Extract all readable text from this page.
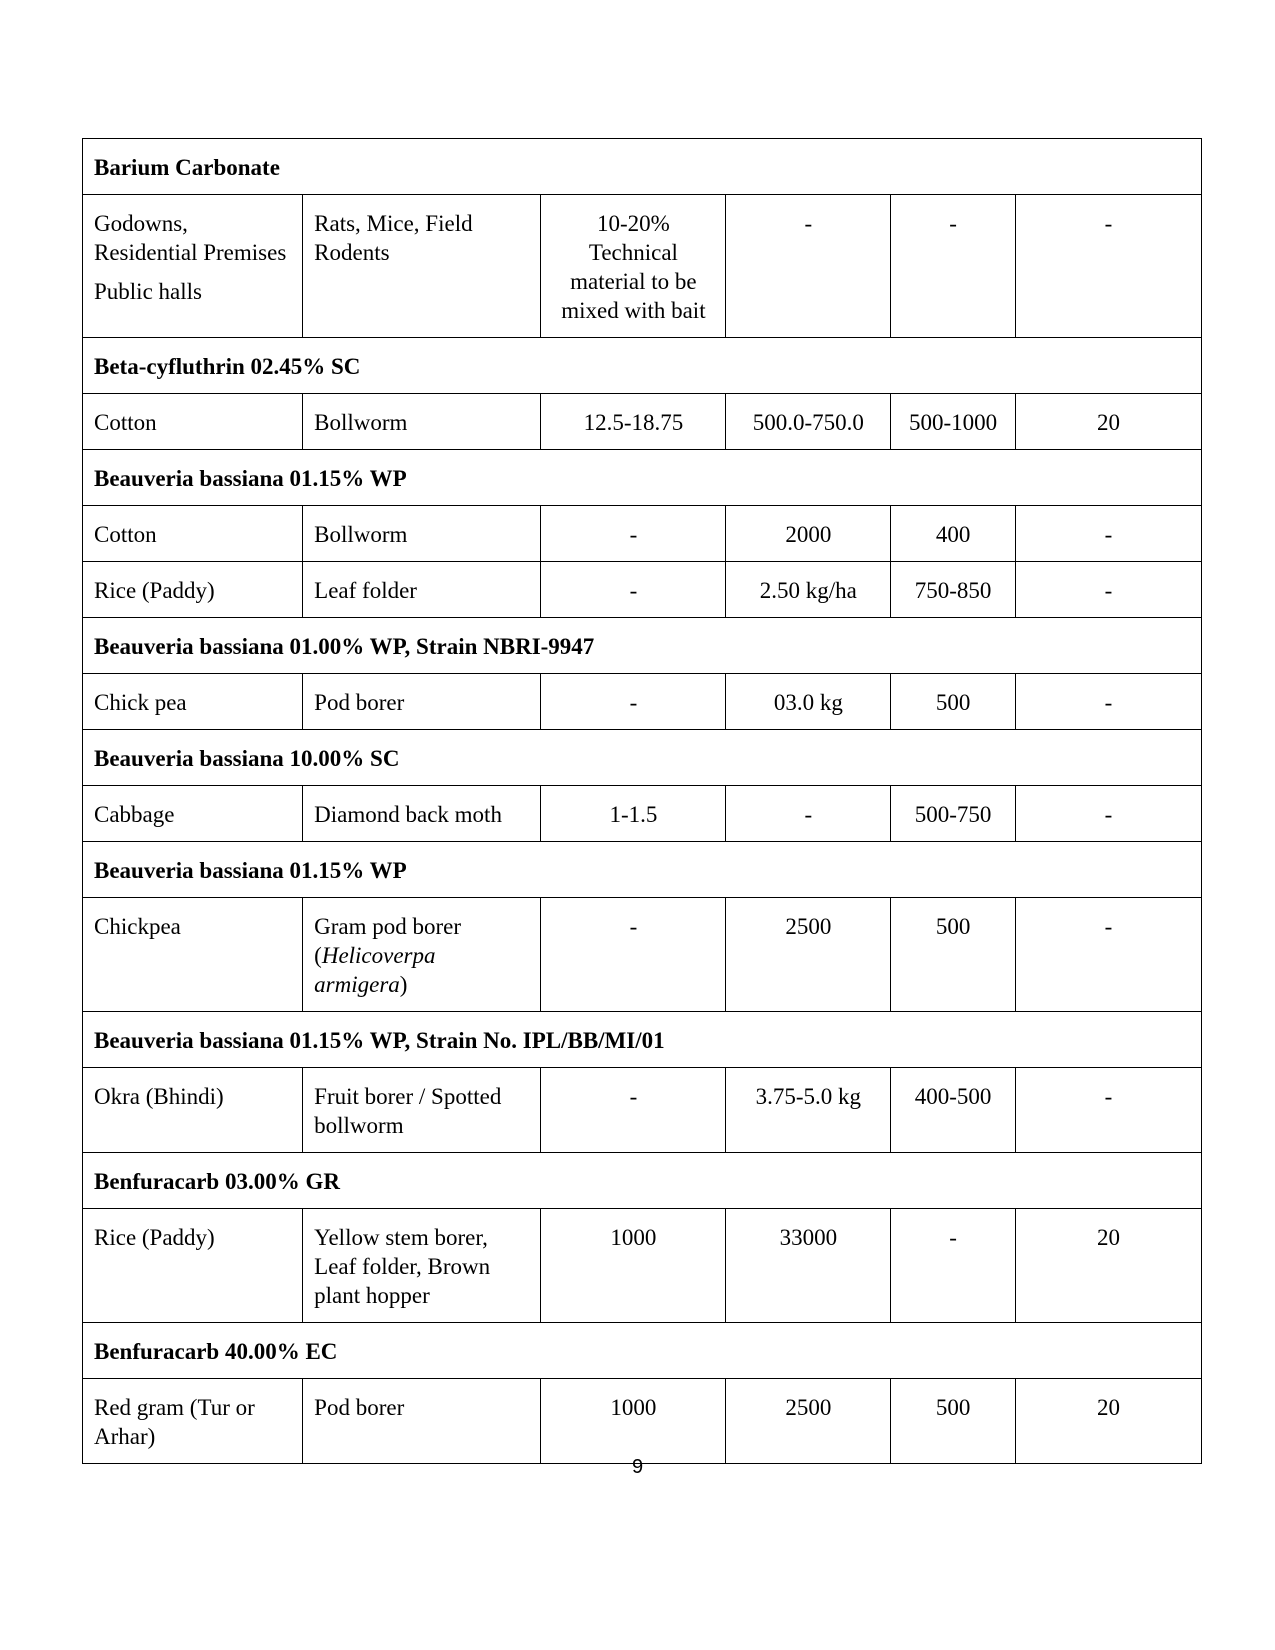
Barium Carbonate					
Godowns, Residential Premises
Public halls	Rats, Mice, Field Rodents	10-20% Technical material to be mixed with bait	-	-	-
Beta-cyfluthrin 02.45% SC					
Cotton	Bollworm	12.5-18.75	500.0-750.0	500-1000	20
Beauveria bassiana 01.15% WP					
Cotton	Bollworm	-	2000	400	-
Rice (Paddy)	Leaf folder	-	2.50 kg/ha	750-850	-
Beauveria bassiana 01.00% WP, Strain NBRI-9947					
Chick pea	Pod borer	-	03.0 kg	500	-
Beauveria bassiana 10.00% SC					
Cabbage	Diamond back moth	1-1.5	-	500-750	-
Beauveria bassiana 01.15% WP					
Chickpea	Gram pod borer (Helicoverpa armigera)	-	2500	500	-
Beauveria bassiana 01.15% WP, Strain No. IPL/BB/MI/01					
Okra (Bhindi)	Fruit borer / Spotted bollworm	-	3.75-5.0 kg	400-500	-
Benfuracarb 03.00% GR					
Rice (Paddy)	Yellow stem borer, Leaf folder, Brown plant hopper	1000	33000	-	20
Benfuracarb 40.00% EC					
Red gram (Tur or Arhar)	Pod borer	1000	2500	500	20
9
